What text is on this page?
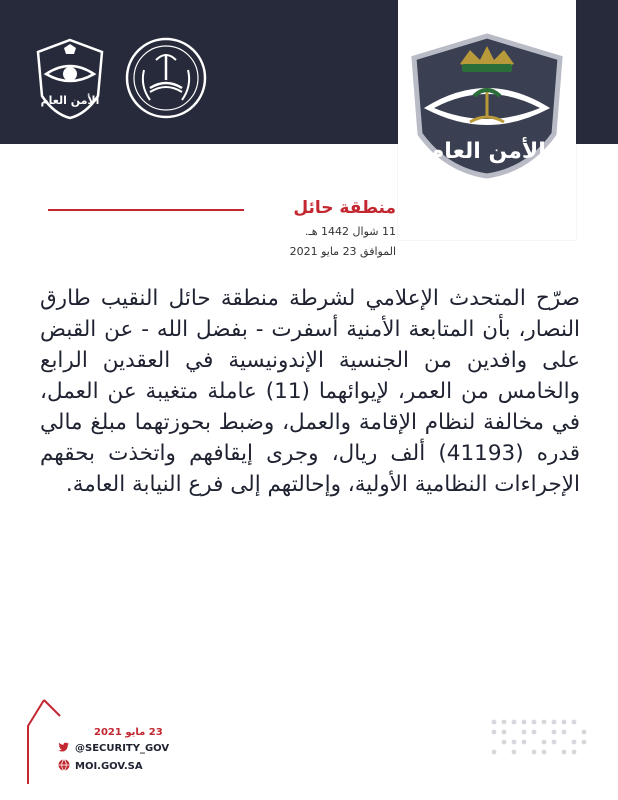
الأمن العام
الأمن العام
منطقة حائل
11 شوال 1442 هـ.
الموافق 23 مايو 2021
صرّح المتحدث الإعلامي لشرطة منطقة حائل النقيب طارق النصار، بأن المتابعة الأمنية أسفرت - بفضل الله - عن القبض على وافدين من الجنسية الإندونيسية في العقدين الرابع والخامس من العمر، لإيوائهما (11) عاملة متغيبة عن العمل، في مخالفة لنظام الإقامة والعمل، وضبط بحوزتهما مبلغ مالي قدره (41193) ألف ريال، وجرى إيقافهم واتخذت بحقهم الإجراءات النظامية الأولية، وإحالتهم إلى فرع النيابة العامة.
23 مايو 2021
@SECURITY_GOV
MOI.GOV.SA
